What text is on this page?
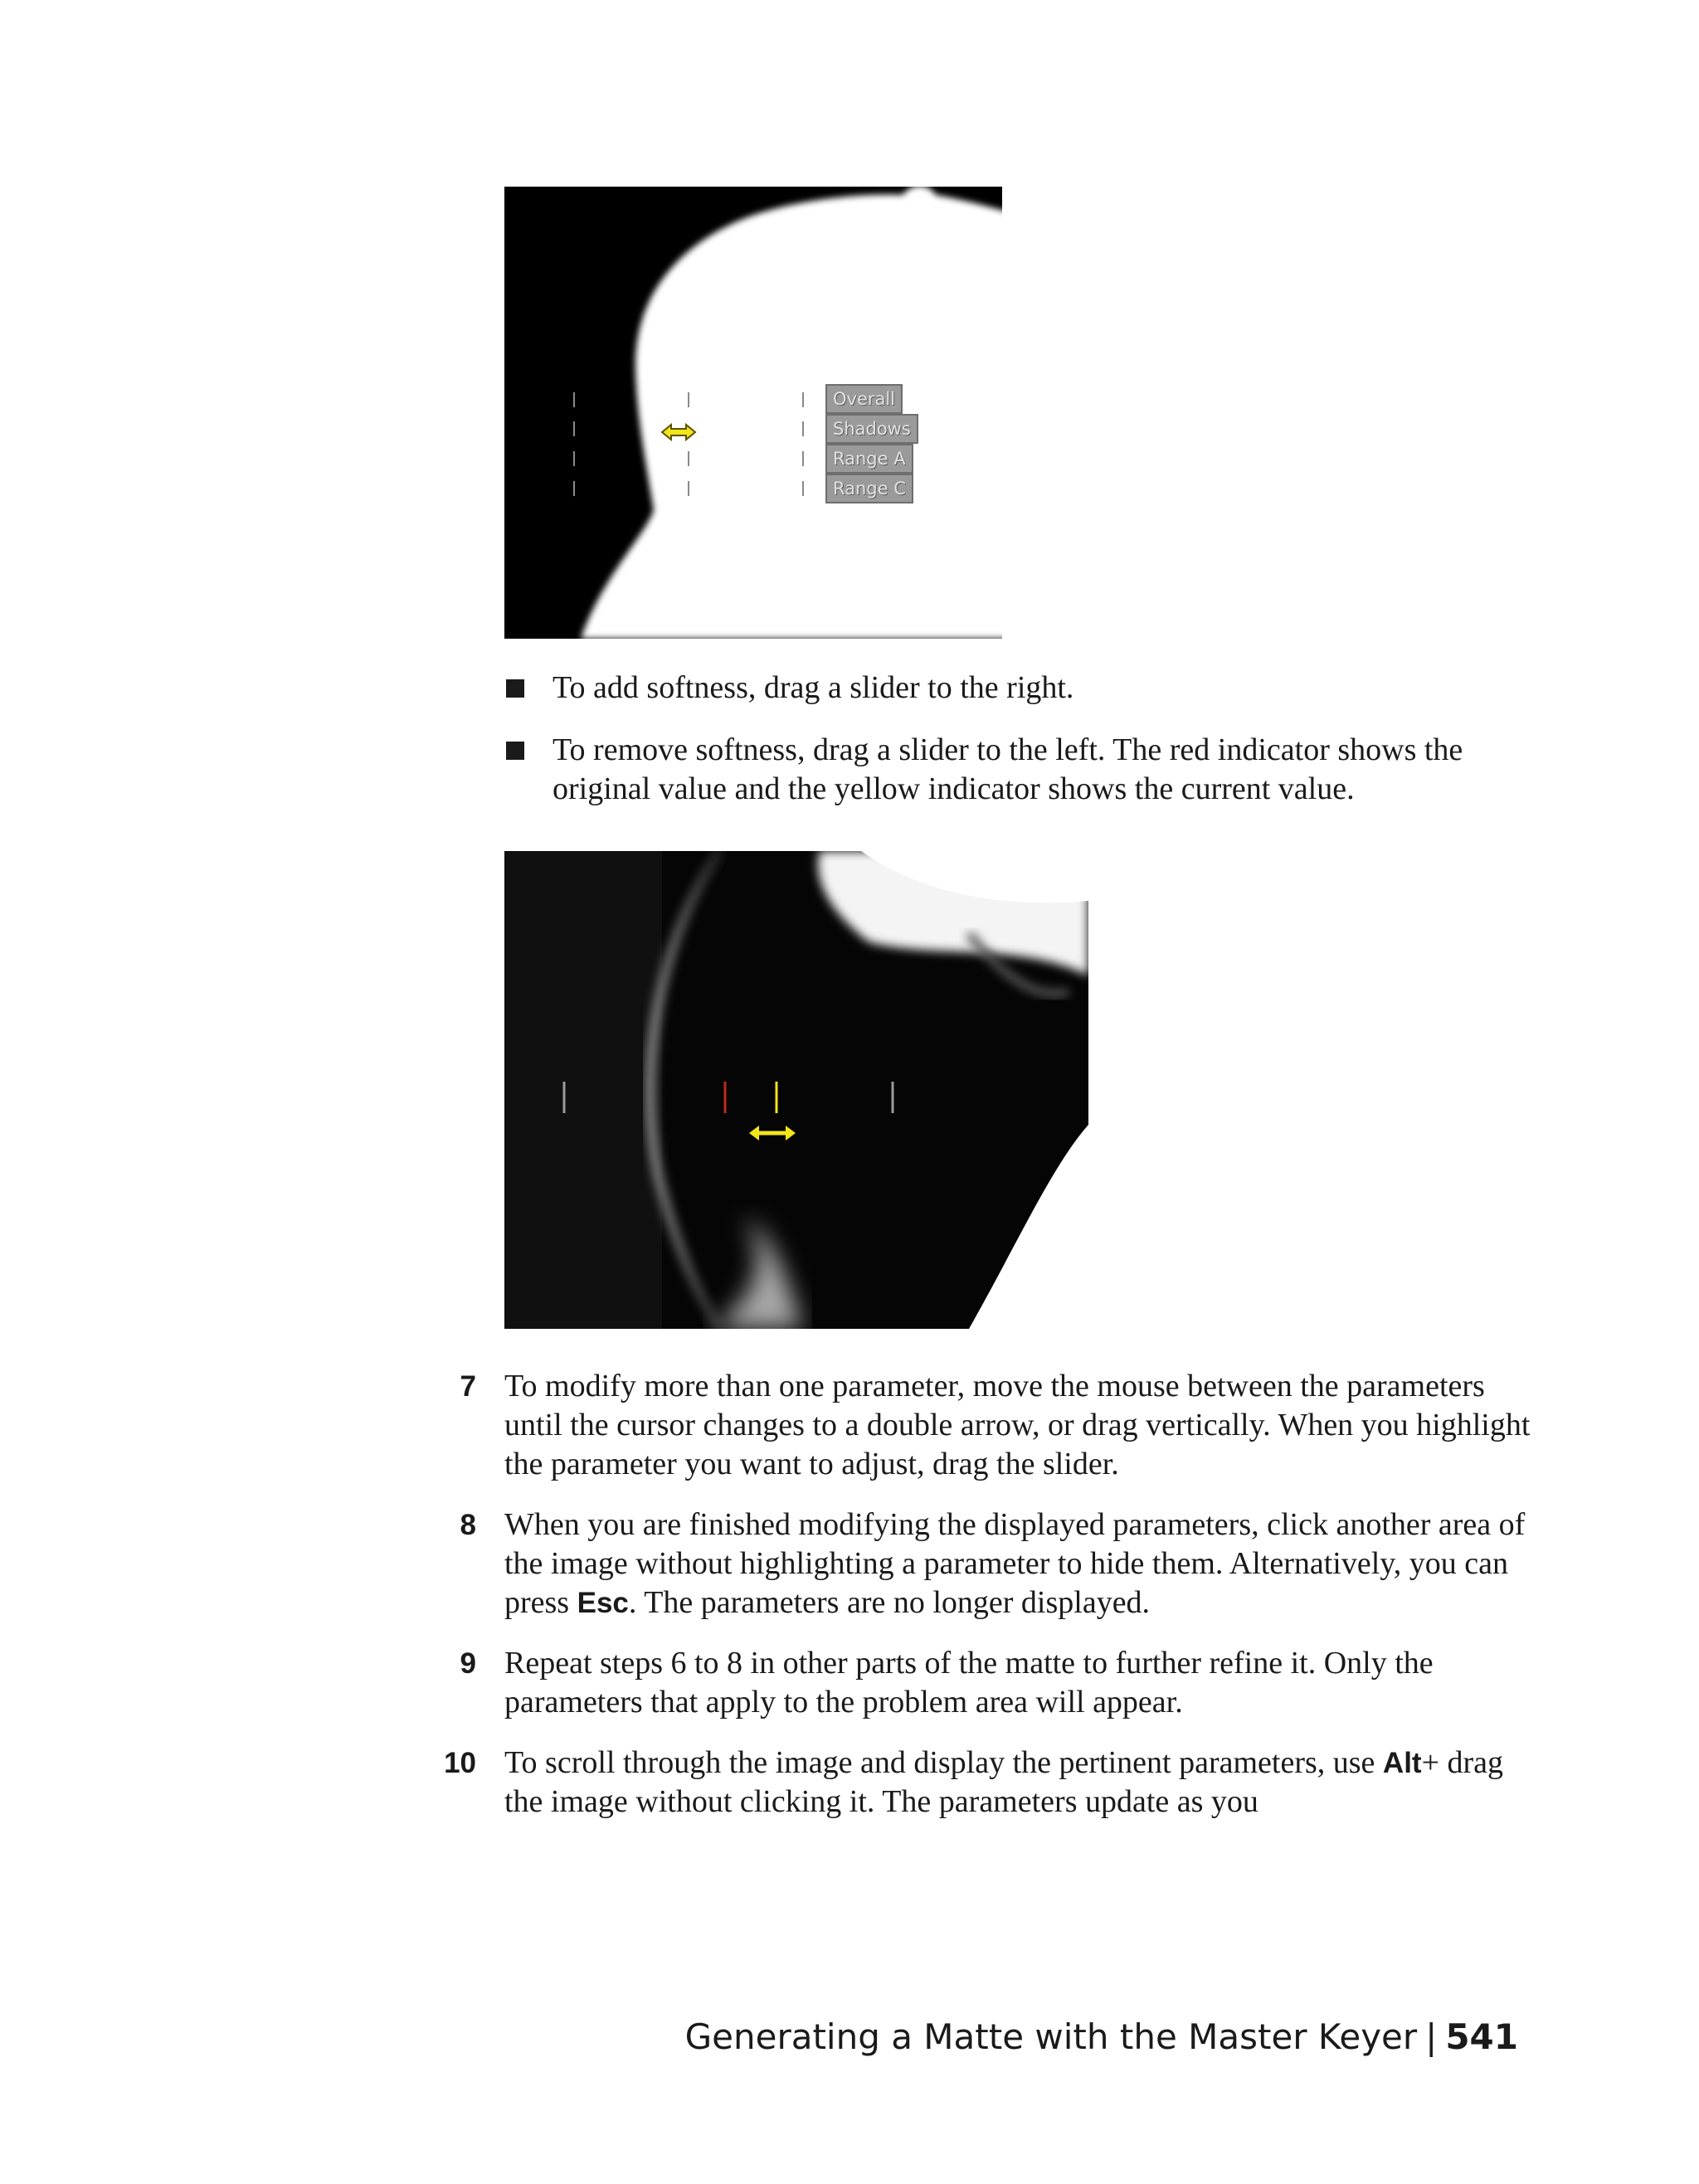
Overall
Shadows
Range A
Range C
To add softness, drag a slider to the right.
To remove softness, drag a slider to the left. The red indicator shows the original value and the yellow indicator shows the current value.
7 To modify more than one parameter, move the mouse between the parameters until the cursor changes to a double arrow, or drag vertically. When you highlight the parameter you want to adjust, drag the slider.
8 When you are finished modifying the displayed parameters, click another area of the image without highlighting a parameter to hide them. Alternatively, you can press Esc. The parameters are no longer displayed.
9 Repeat steps 6 to 8 in other parts of the matte to further refine it. Only the parameters that apply to the problem area will appear.
10 To scroll through the image and display the pertinent parameters, use Alt+ drag the image without clicking it. The parameters update as you
Generating a Matte with the Master Keyer | 541
